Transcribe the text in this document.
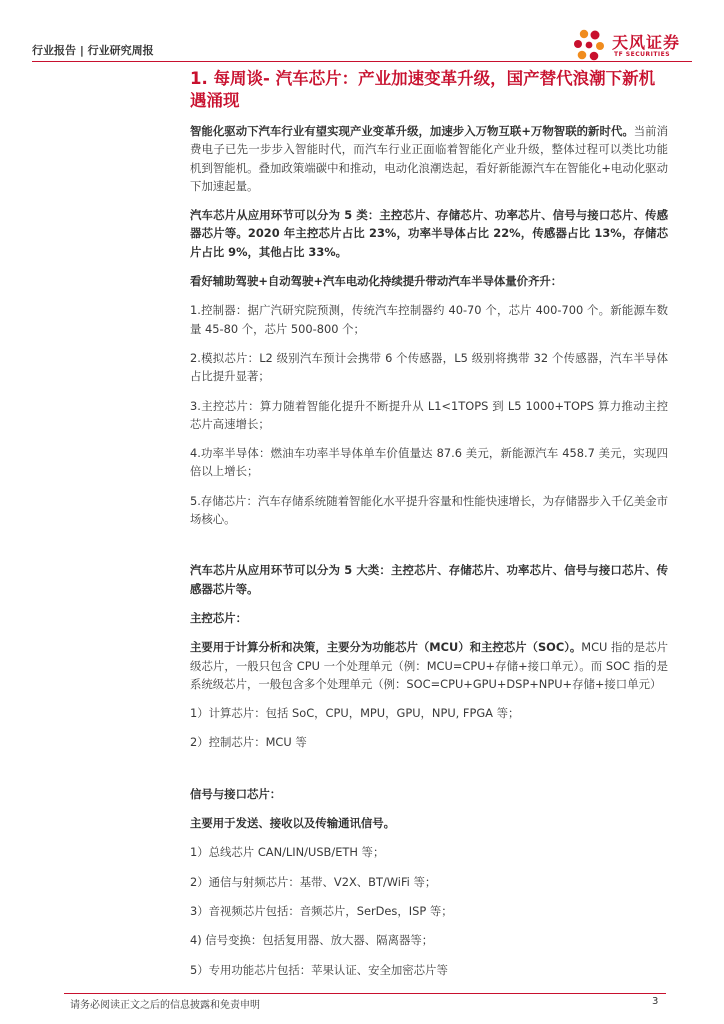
行业报告 | 行业研究周报	天风证券
TF SECURITIES
1. 每周谈- 汽车芯片：产业加速变革升级，国产替代浪潮下新机遇涌现

智能化驱动下汽车行业有望实现产业变革升级，加速步入万物互联+万物智联的新时代。当前消费电子已先一步步入智能时代，而汽车行业正面临着智能化产业升级，整体过程可以类比功能机到智能机。叠加政策端碳中和推动，电动化浪潮迭起，看好新能源汽车在智能化+电动化驱动下加速起量。

汽车芯片从应用环节可以分为 5 类：主控芯片、存储芯片、功率芯片、信号与接口芯片、传感器芯片等。2020 年主控芯片占比 23%，功率半导体占比 22%，传感器占比 13%，存储芯片占比 9%，其他占比 33%。

看好辅助驾驶+自动驾驶+汽车电动化持续提升带动汽车半导体量价齐升：

1.控制器：据广汽研究院预测，传统汽车控制器约 40-70 个，芯片 400-700 个。新能源车数量 45-80 个，芯片 500-800 个；

2.模拟芯片：L2 级别汽车预计会携带 6 个传感器，L5 级别将携带 32 个传感器，汽车半导体占比提升显著；

3.主控芯片：算力随着智能化提升不断提升从 L1<1TOPS 到 L5 1000+TOPS 算力推动主控芯片高速增长；

4.功率半导体：燃油车功率半导体单车价值量达 87.6 美元，新能源汽车 458.7 美元，实现四倍以上增长；

5.存储芯片：汽车存储系统随着智能化水平提升容量和性能快速增长，为存储器步入千亿美金市场核心。

汽车芯片从应用环节可以分为 5 大类：主控芯片、存储芯片、功率芯片、信号与接口芯片、传感器芯片等。

主控芯片：

主要用于计算分析和决策，主要分为功能芯片（MCU）和主控芯片（SOC）。MCU 指的是芯片级芯片，一般只包含 CPU 一个处理单元（例：MCU=CPU+存储+接口单元）。而 SOC 指的是系统级芯片，一般包含多个处理单元（例：SOC=CPU+GPU+DSP+NPU+存储+接口单元）

1）计算芯片：包括 SoC，CPU，MPU，GPU，NPU, FPGA 等；

2）控制芯片：MCU 等

信号与接口芯片：

主要用于发送、接收以及传输通讯信号。

1）总线芯片 CAN/LIN/USB/ETH 等；

2）通信与射频芯片：基带、V2X、BT/WiFi 等；

3）音视频芯片包括：音频芯片，SerDes，ISP 等；

4) 信号变换：包括复用器、放大器、隔离器等；

5）专用功能芯片包括：苹果认证、安全加密芯片等

请务必阅读正文之后的信息披露和免责申明	3
